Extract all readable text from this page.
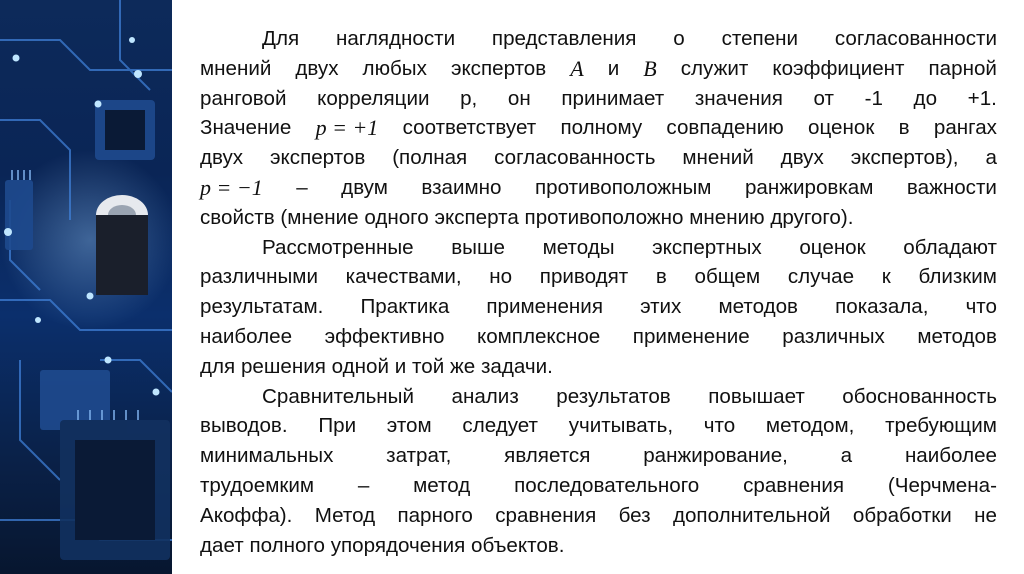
Для наглядности представления о степени согласованности
мнений двух любых экспертов A и B служит коэффициент парной
ранговой корреляции р, он принимает значения от -1 до +1.
Значение p = +1 соответствует полному совпадению оценок в рангах
двух экспертов (полная согласованность мнений двух экспертов), а
p = −1 – двум взаимно противоположным ранжировкам важности
свойств (мнение одного эксперта противоположно мнению другого).
Рассмотренные выше методы экспертных оценок обладают
различными качествами, но приводят в общем случае к близким
результатам. Практика применения этих методов показала, что
наиболее эффективно комплексное применение различных методов
для решения одной и той же задачи.
Сравнительный анализ результатов повышает обоснованность
выводов. При этом следует учитывать, что методом, требующим
минимальных	затрат,	является	ранжирование,	а	наиболее
трудоемким – метод последовательного сравнения (Черчмена-
Акоффа). Метод парного сравнения без дополнительной обработки не
дает полного упорядочения объектов.
